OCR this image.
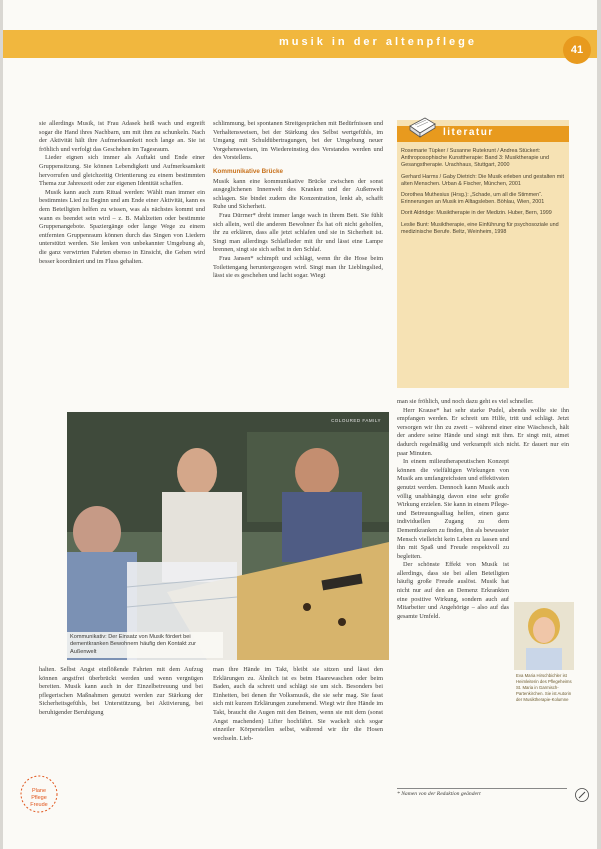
musik in der altenpflege
41

sie allerdings Musik, ist Frau Adasek heiß wach und ergreift sogar die Hand ihres Nachbarn, um mit ihm zu schunkeln. Nach der Aktivität hält ihre Aufmerksamkeit noch lange an. Sie ist fröhlich und verfolgt das Geschehen im Tagesraum.

Lieder eignen sich immer als Auftakt und Ende einer Gruppensitzung. Sie können Lebendigkeit und Aufmerksamkeit hervorrufen und gleichzeitig Orientierung zu einem bestimmten Thema zur Jahreszeit oder zur eigenen Identität schaffen.

Musik kann auch zum Ritual werden: Wählt man immer ein bestimmtes Lied zu Beginn und am Ende einer Aktivität, kann es dem Beteiligten helfen zu wissen, was als nächstes kommt und wann es beendet sein wird – z. B. Mahlzeiten oder bestimmte Gruppenangebote. Spaziergänge oder lange Wege zu einem entfernten Gruppenraum können durch das Singen von Liedern unterstützt werden. Sie lenken von unbekannter Umgebung ab, die ganz verwirrten Fahrten ebenso in Einsicht, die Gehen wird besser koordiniert und im Fluss gehalten.

schlimmung, bei spontanen Streitgesprächen mit Bedürfnissen und Verhaltensweisen, bei der Stärkung des Selbst wertgefühls, im Umgang mit Schuldübertragungen, bei der Umgebung neuer Vorgehensweisen, im Wiedereinstieg des Verstandes werden und des Vorstellens.

Kommunikative Brücke

Musik kann eine kommunikative Brücke zwischen der sonst ausgeglichenen Innenwelt des Kranken und der Außenwelt schlagen. Sie bindet zudem die Konzentration, lenkt ab, schafft Ruhe und Sicherheit.

Frau Dürrner* dreht immer lange wach in ihrem Bett. Sie fühlt sich allein, weil die anderen Bewohner Ès hat oft nicht geholfen, ihr zu erklären, dass alle jetzt schlafen und sie in Sicherheit ist. Singt man allerdings Schlaflieder mit ihr und lässt eine Lampe brennen, singt sie sich selbst in den Schlaf.

Frau Jansen* schimpft und schlägt, wenn ihr die Hose beim Toilettengang heruntergezogen wird. Singt man ihr Lieblingslied, lässt sie es geschehen und lacht sogar. Wiegt

literatur
Rosemarie Tüpker / Susanne Rutekrunt / Andrea Stückert: Anthroposophische Kunsttherapie: Band 3: Musiktherapie und Gesangstherapie. Urachhaus, Stuttgart, 2000
Gerhard Harms / Gaby Dietrich: Die Musik erleben und gestalten mit alten Menschen. Urban & Fischer, München, 2001
Dorothea Muthesius (Hrsg.): „Schade, um all die Stimmen“. Erinnerungen an Musik im Alltagsleben. Böhlau, Wien, 2001
Dorit Aldridge: Musiktherapie in der Medizin. Huber, Bern, 1999
Leslie Bunt: Musiktherapie, eine Einführung für psychosoziale und medizinische Berufe. Beltz, Weinheim, 1998

man sie fröhlich, und noch dazu geht es viel schneller.

Herr Krause* hat sehr starke Pudel, abends wollte sie ihn empfangen werden. Er schreit um Hilfe, tritt und schlägt. Jetzt versorgen wir ihn zu zweit – während einer eine Wäschesch, hält der andere seine Hände und singt mit ihm. Er singt mit, atmet dadurch regelmäßig und verkrampft sich nicht. Er dauert nur ein paar Minuten.

In einem milieutherapeutischen Konzept können die vielfältigen Wirkungen von Musik am umfangreichsten und effektivsten genutzt werden. Dennoch kann Musik auch völlig unabhängig davon eine sehr große Wirkung erzielen. Sie kann in einem Pflege- und Betreuungsalltag helfen, einen ganz individuellen Zugang zu dem Dementkranken zu finden, ihn als bewusster Mensch vielleicht kein Leben zu lassen und ihn mit Spaß und Freude respektvoll zu begleiten.

Der schönste Effekt von Musik ist allerdings, dass sie bei allen Beteiligten häufig große Freude auslöst. Musik hat nicht nur auf den an Demenz Erkrankten eine positive Wirkung, sondern auch auf Mitarbeiter und Angehörige – also auf das gesamte Umfeld.

COLOURED FAMILY
Kommunikativ: Der Einsatz von Musik fördert bei dementkranken Bewohnern häufig den Kontakt zur Außenwelt

halten. Selbst Angst einflößende Fahrten mit dem Aufzug können angstfrei überbrückt werden und wenn vergnügen bereiten. Musik kann auch in der Einzelbetreuung und bei pflegerischen Maßnahmen genutzt werden zur Stärkung der Sicherheitsgefühls, bei Unterstützung, bei Aktivierung, bei beruhigender Beruhigung

man ihre Hände im Takt, bleibt sie sitzen und lässt den Erklärungen zu. Ähnlich ist es beim Haarewaschen oder beim Baden, auch da schreit und schlägt sie um sich. Besonders bei Einheiten, bei denen ihr Volksmusik, die sie sehr mag. Sie fasst sich mit kurzen Erklärungen zunehmend. Wiegt wir ihre Hände im Takt, braucht die Augen mit den Beinen, wenn sie mit dem (sonst Angst machenden) Lifter hochfährt. Sie wackelt sich sogar einzeiler Körperstellen selbst, während wir ihr die Hosen wechseln. Lieb-

Eva Maria Hirschbichler ist Heimleiterin des Pflegeheims St. Maria in Garmisch-Partenkirchen. Sie ist Autorin der Musiktherapie-Kolumne
* Namen von der Redaktion geändert
Plane
Pflege
Freude
